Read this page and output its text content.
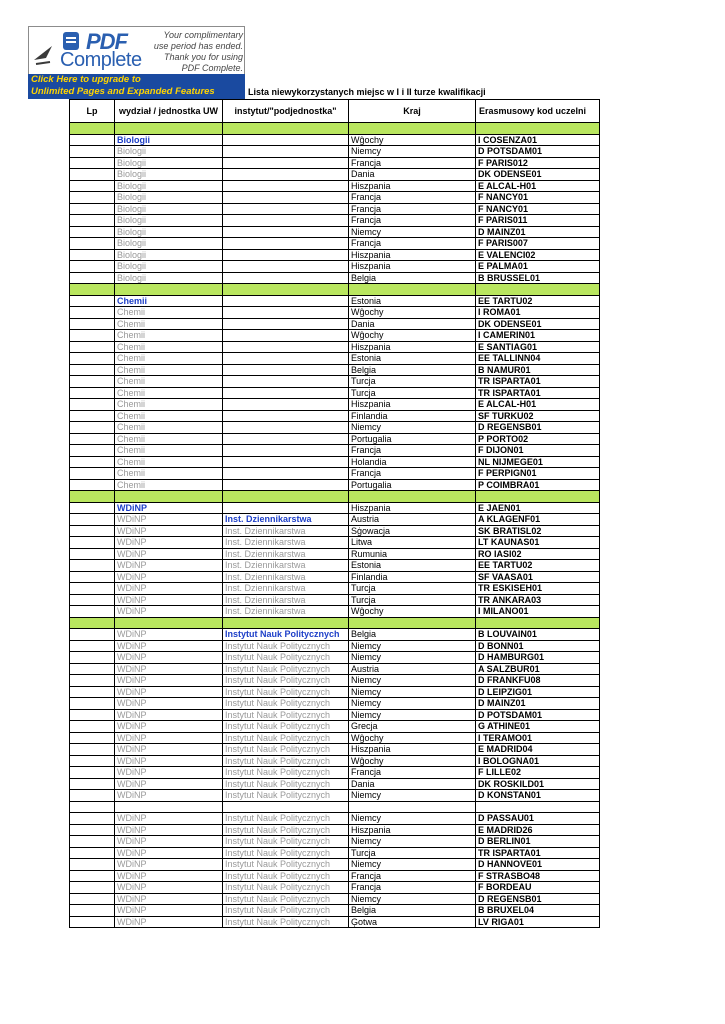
PDF
Complete
Your complimentary
use period has ended.
Thank you for using
PDF Complete.
Click Here to upgrade to
Unlimited Pages and Expanded Features	Lista niewykorzystanych miejsc w I i II turze kwalifikacji
Lp	wydział / jednostka UW	instytut/"podjednostka"	Kraj	Erasmusowy kod uczelni

	Biologii		Wĝochy	I COSENZA01
	Biologii		Niemcy	D POTSDAM01
	Biologii		Francja	F PARIS012
	Biologii		Dania	DK ODENSE01
	Biologii		Hiszpania	E ALCAL-H01
	Biologii		Francja	F NANCY01
	Biologii		Francja	F NANCY01
	Biologii		Francja	F PARIS011
	Biologii		Niemcy	D MAINZ01
	Biologii		Francja	F PARIS007
	Biologii		Hiszpania	E VALENCI02
	Biologii		Hiszpania	E PALMA01
	Biologii		Belgia	B BRUSSEL01

	Chemii		Estonia	EE TARTU02
	Chemii		Wĝochy	I ROMA01
	Chemii		Dania	DK ODENSE01
	Chemii		Wĝochy	I CAMERIN01
	Chemii		Hiszpania	E SANTIAG01
	Chemii		Estonia	EE TALLINN04
	Chemii		Belgia	B NAMUR01
	Chemii		Turcja	TR ISPARTA01
	Chemii		Turcja	TR ISPARTA01
	Chemii		Hiszpania	E ALCAL-H01
	Chemii		Finlandia	SF TURKU02
	Chemii		Niemcy	D REGENSB01
	Chemii		Portugalia	P PORTO02
	Chemii		Francja	F DIJON01
	Chemii		Holandia	NL NIJMEGE01
	Chemii		Francja	F PERPIGN01
	Chemii		Portugalia	P COIMBRA01

	WDiNP		Hiszpania	E JAEN01
	WDiNP	Inst. Dziennikarstwa	Austria	A KLAGENF01
	WDiNP	Inst. Dziennikarstwa	Sġowacja	SK BRATISL02
	WDiNP	Inst. Dziennikarstwa	Litwa	LT KAUNAS01
	WDiNP	Inst. Dziennikarstwa	Rumunia	RO IASI02
	WDiNP	Inst. Dziennikarstwa	Estonia	EE TARTU02
	WDiNP	Inst. Dziennikarstwa	Finlandia	SF VAASA01
	WDiNP	Inst. Dziennikarstwa	Turcja	TR ESKISEH01
	WDiNP	Inst. Dziennikarstwa	Turcja	TR ANKARA03
	WDiNP	Inst. Dziennikarstwa	Wĝochy	I MILANO01

	WDiNP	Instytut Nauk Politycznych	Belgia	B LOUVAIN01
	WDiNP	Instytut Nauk Politycznych	Niemcy	D BONN01
	WDiNP	Instytut Nauk Politycznych	Niemcy	D HAMBURG01
	WDiNP	Instytut Nauk Politycznych	Austria	A SALZBUR01
	WDiNP	Instytut Nauk Politycznych	Niemcy	D FRANKFU08
	WDiNP	Instytut Nauk Politycznych	Niemcy	D LEIPZIG01
	WDiNP	Instytut Nauk Politycznych	Niemcy	D MAINZ01
	WDiNP	Instytut Nauk Politycznych	Niemcy	D POTSDAM01
	WDiNP	Instytut Nauk Politycznych	Grecja	G ATHINE01
	WDiNP	Instytut Nauk Politycznych	Wĝochy	I TERAMO01
	WDiNP	Instytut Nauk Politycznych	Hiszpania	E MADRID04
	WDiNP	Instytut Nauk Politycznych	Wĝochy	I BOLOGNA01
	WDiNP	Instytut Nauk Politycznych	Francja	F LILLE02
	WDiNP	Instytut Nauk Politycznych	Dania	DK ROSKILD01
	WDiNP	Instytut Nauk Politycznych	Niemcy	D KONSTAN01

	WDiNP	Instytut Nauk Politycznych	Niemcy	D PASSAU01
	WDiNP	Instytut Nauk Politycznych	Hiszpania	E MADRID26
	WDiNP	Instytut Nauk Politycznych	Niemcy	D BERLIN01
	WDiNP	Instytut Nauk Politycznych	Turcja	TR ISPARTA01
	WDiNP	Instytut Nauk Politycznych	Niemcy	D HANNOVE01
	WDiNP	Instytut Nauk Politycznych	Francja	F STRASBO48
	WDiNP	Instytut Nauk Politycznych	Francja	F BORDEAU
	WDiNP	Instytut Nauk Politycznych	Niemcy	D REGENSB01
	WDiNP	Instytut Nauk Politycznych	Belgia	B BRUXEL04
	WDiNP	Instytut Nauk Politycznych	Ģotwa	LV RIGA01
